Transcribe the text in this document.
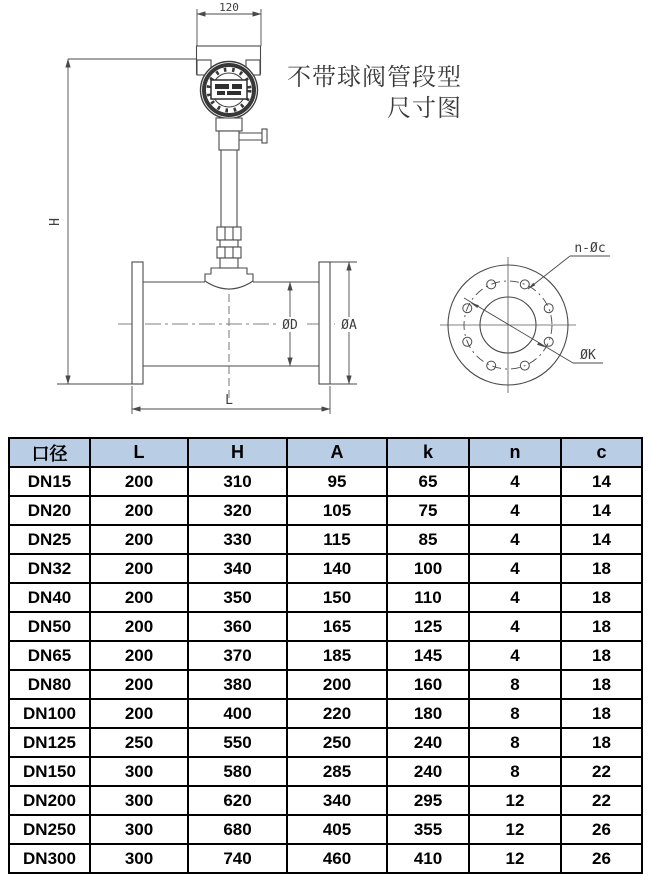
120
H
ØD	ØA
L
ØK
n-Øc
不带球阀管段型
尺寸图
口径	L	H	A	k	n	c
DN15	200	310	95	65	4	14
DN20	200	320	105	75	4	14
DN25	200	330	115	85	4	14
DN32	200	340	140	100	4	18
DN40	200	350	150	110	4	18
DN50	200	360	165	125	4	18
DN65	200	370	185	145	4	18
DN80	200	380	200	160	8	18
DN100	200	400	220	180	8	18
DN125	250	550	250	240	8	18
DN150	300	580	285	240	8	22
DN200	300	620	340	295	12	22
DN250	300	680	405	355	12	26
DN300	300	740	460	410	12	26
